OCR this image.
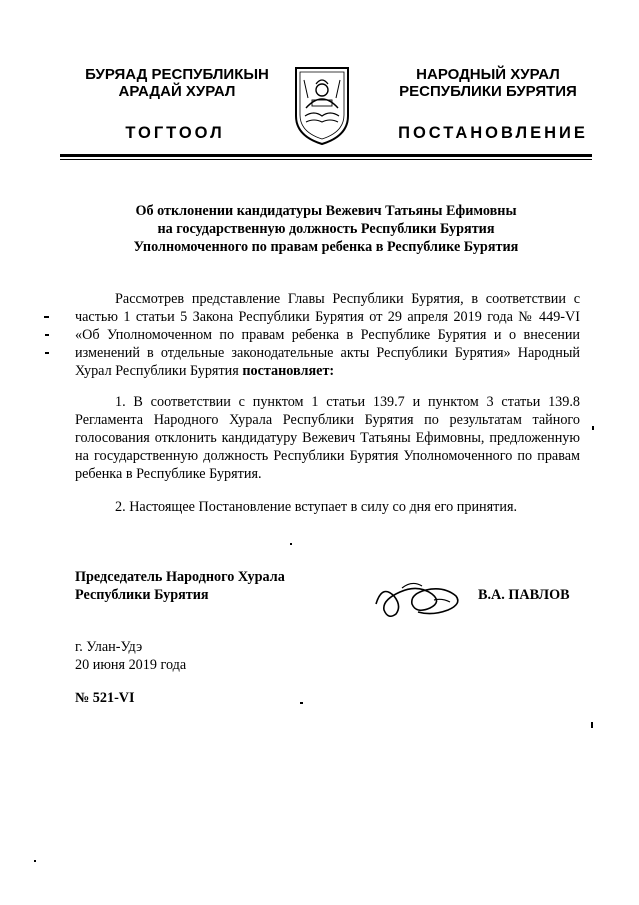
БУРЯАД РЕСПУБЛИКЫН
АРАДАЙ ХУРАЛ
НАРОДНЫЙ ХУРАЛ
РЕСПУБЛИКИ БУРЯТИЯ
ТОГТООЛ	ПОСТАНОВЛЕНИЕ
Об отклонении кандидатуры Вежевич Татьяны Ефимовны
на государственную должность Республики Бурятия
Уполномоченного по правам ребенка в Республике Бурятия
Рассмотрев представление Главы Республики Бурятия, в соответствии с частью 1 статьи 5 Закона Республики Бурятия от 29 апреля 2019 года № 449-VI «Об Уполномоченном по правам ребенка в Республике Бурятия и о внесении изменений в отдельные законодательные акты Республики Бурятия» Народный Хурал Республики Бурятия постановляет:
1. В соответствии с пунктом 1 статьи 139.7 и пунктом 3 статьи 139.8 Регламента Народного Хурала Республики Бурятия по результатам тайного голосования отклонить кандидатуру Вежевич Татьяны Ефимовны, предложенную на государственную должность Республики Бурятия Уполномоченного по правам ребенка в Республике Бурятия.
2. Настоящее Постановление вступает в силу со дня его принятия.
Председатель Народного Хурала
Республики Бурятия	В.А. ПАВЛОВ
г. Улан-Удэ
20 июня 2019 года
№ 521-VI
